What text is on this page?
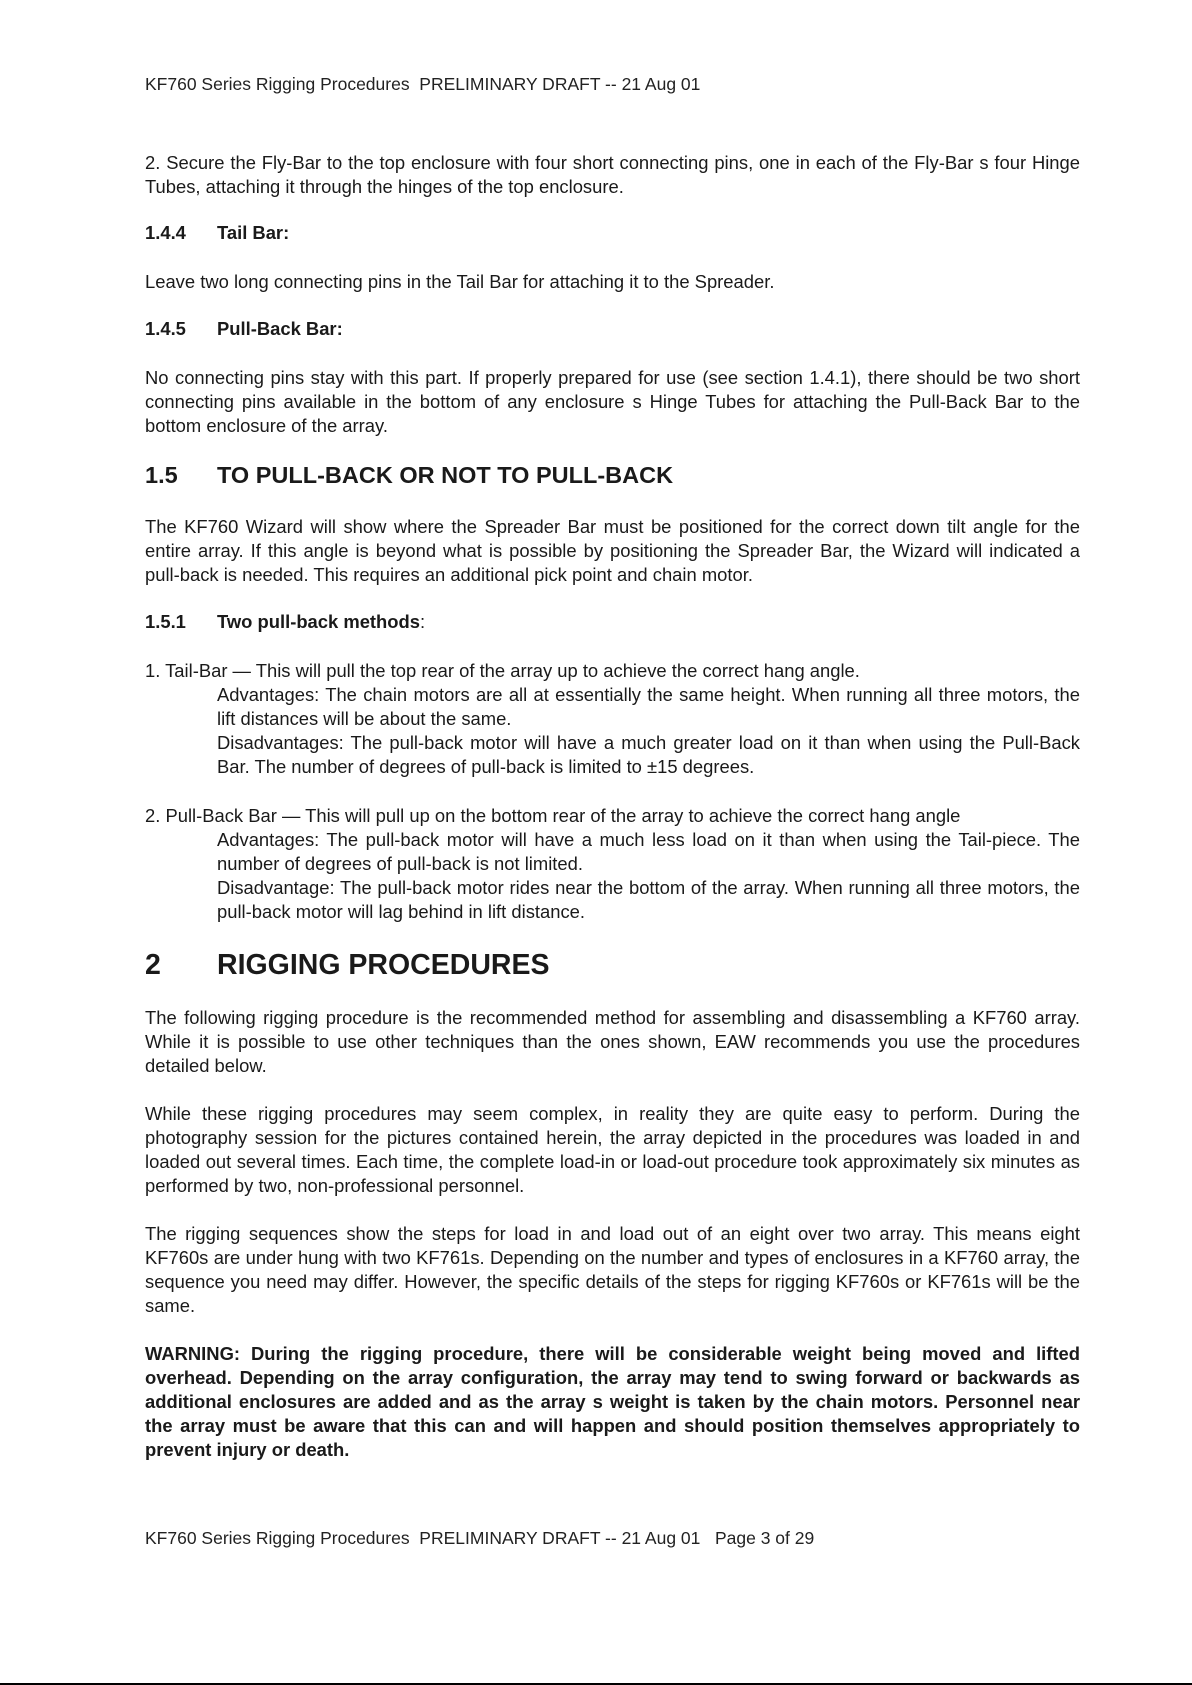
KF760 Series Rigging Procedures  PRELIMINARY DRAFT -- 21 Aug 01
2. Secure the Fly-Bar to the top enclosure with four short connecting pins, one in each of the Fly-Bar s four Hinge Tubes, attaching it through the hinges of the top enclosure.
1.4.4 Tail Bar:
Leave two long connecting pins in the Tail Bar for attaching it to the Spreader.
1.4.5 Pull-Back Bar:
No connecting pins stay with this part. If properly prepared for use (see section 1.4.1), there should be two short connecting pins available in the bottom of any enclosure s Hinge Tubes for attaching the Pull-Back Bar to the bottom enclosure of the array.
1.5 TO PULL-BACK OR NOT TO PULL-BACK
The KF760 Wizard will show where the Spreader Bar must be positioned for the correct down tilt angle for the entire array. If this angle is beyond what is possible by positioning the Spreader Bar, the Wizard will indicated a pull-back is needed. This requires an additional pick point and chain motor.
1.5.1 Two pull-back methods:
1. Tail-Bar — This will pull the top rear of the array up to achieve the correct hang angle.
Advantages: The chain motors are all at essentially the same height. When running all three motors, the lift distances will be about the same.
Disadvantages: The pull-back motor will have a much greater load on it than when using the Pull-Back Bar. The number of degrees of pull-back is limited to ±15 degrees.
2. Pull-Back Bar — This will pull up on the bottom rear of the array to achieve the correct hang angle
Advantages: The pull-back motor will have a much less load on it than when using the Tail-piece. The number of degrees of pull-back is not limited.
Disadvantage: The pull-back motor rides near the bottom of the array. When running all three motors, the pull-back motor will lag behind in lift distance.
2 RIGGING PROCEDURES
The following rigging procedure is the recommended method for assembling and disassembling a KF760 array. While it is possible to use other techniques than the ones shown, EAW recommends you use the procedures detailed below.
While these rigging procedures may seem complex, in reality they are quite easy to perform. During the photography session for the pictures contained herein, the array depicted in the procedures was loaded in and loaded out several times. Each time, the complete load-in or load-out procedure took approximately six minutes as performed by two, non-professional personnel.
The rigging sequences show the steps for load in and load out of an eight over two array. This means eight KF760s are under hung with two KF761s. Depending on the number and types of enclosures in a KF760 array, the sequence you need may differ. However, the specific details of the steps for rigging KF760s or KF761s will be the same.
WARNING: During the rigging procedure, there will be considerable weight being moved and lifted overhead. Depending on the array configuration, the array may tend to swing forward or backwards as additional enclosures are added and as the array s weight is taken by the chain motors. Personnel near the array must be aware that this can and will happen and should position themselves appropriately to prevent injury or death.
KF760 Series Rigging Procedures  PRELIMINARY DRAFT -- 21 Aug 01   Page 3 of 29
